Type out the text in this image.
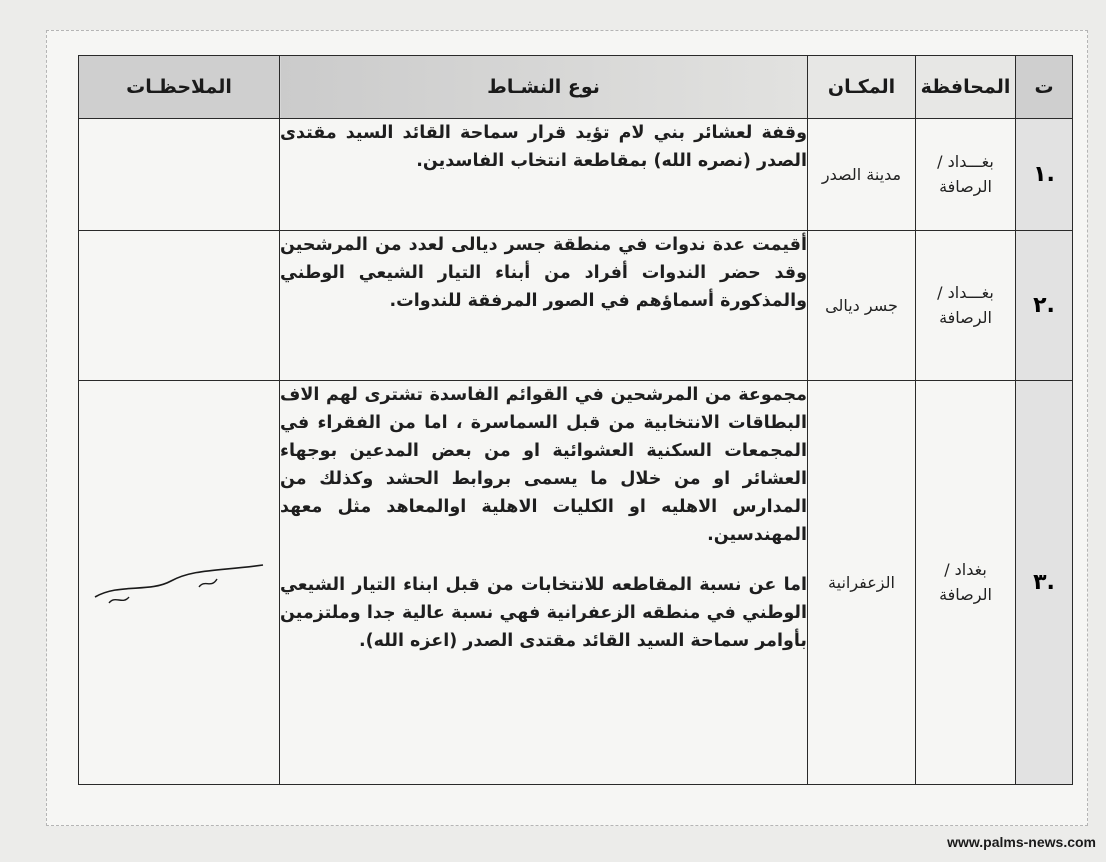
ت	المحافظة	المكـان	نوع النشـاط	الملاحظـات
.١	بغـــداد / الرصافة	مدينة الصدر	وقفة لعشائر بني لام تؤيد قرار سماحة القائد السيد مقتدى الصدر (نصره الله) بمقاطعة انتخاب الفاسدين.	

.٢	بغـــداد / الرصافة	جسر ديالى	أقيمت عدة ندوات في منطقة جسر ديالى لعدد من المرشحين وقد حضر الندوات أفراد من أبناء التيار الشيعي الوطني والمذكورة أسماؤهم في الصور المرفقة للندوات.	

.٣	بغداد / الرصافة	الزعفرانية	مجموعة من المرشحين في القوائم الفاسدة تشترى لهم الاف البطاقات الانتخابية من قبل السماسرة ، اما من الفقراء في المجمعات السكنية العشوائية او من بعض المدعين بوجهاء العشائر او من خلال ما يسمى بروابط الحشد وكذلك من المدارس الاهليه او الكليات الاهلية اوالمعاهد مثل معهد المهندسين.

اما عن نسبة المقاطعه للانتخابات من قبل ابناء التيار الشيعي الوطني في منطقه الزعفرانية فهي نسبة عالية جدا وملتزمين بأوامر سماحة السيد القائد مقتدى الصدر (اعزه الله).

www.palms-news.com
